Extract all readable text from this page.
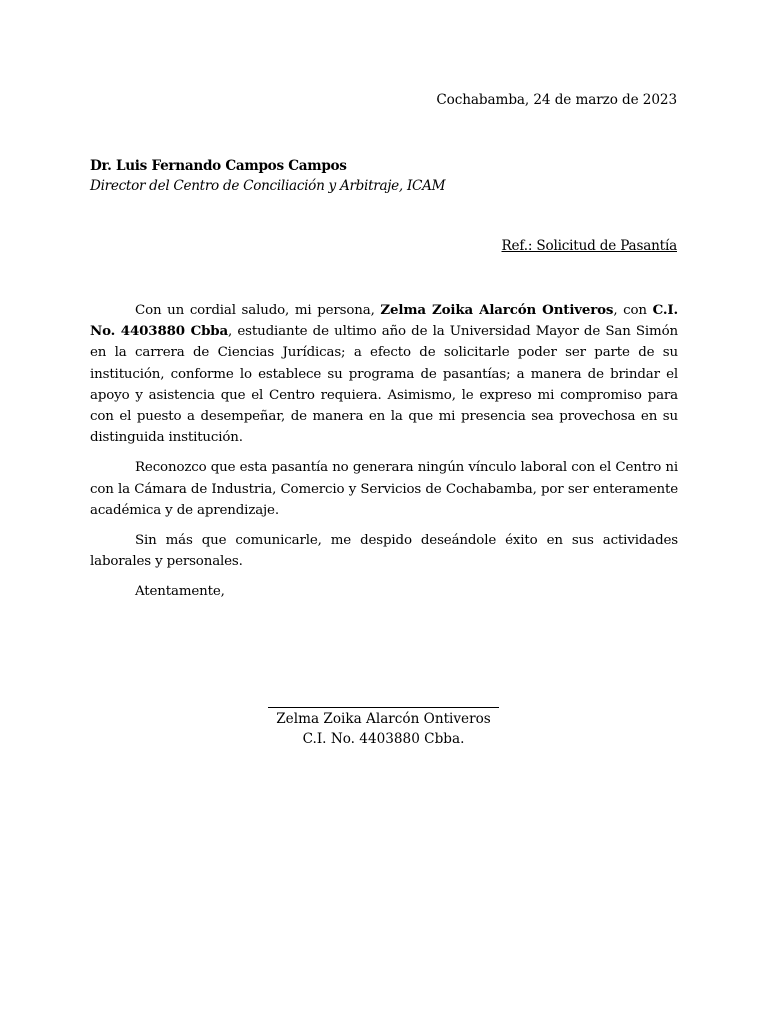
Cochabamba, 24 de marzo de 2023
Dr. Luis Fernando Campos Campos
Director del Centro de Conciliación y Arbitraje, ICAM
Ref.: Solicitud de Pasantía

Con un cordial saludo, mi persona, Zelma Zoika Alarcón Ontiveros, con C.I. No. 4403880 Cbba, estudiante de ultimo año de la Universidad Mayor de San Simón en la carrera de Ciencias Jurídicas; a efecto de solicitarle poder ser parte de su institución, conforme lo establece su programa de pasantías; a manera de brindar el apoyo y asistencia que el Centro requiera. Asimismo, le expreso mi compromiso para con el puesto a desempeñar, de manera en la que mi presencia sea provechosa en su distinguida institución.

Reconozco que esta pasantía no generara ningún vínculo laboral con el Centro ni con la Cámara de Industria, Comercio y Servicios de Cochabamba, por ser enteramente académica y de aprendizaje.

Sin más que comunicarle, me despido deseándole éxito en sus actividades laborales y personales.

Atentamente,

Zelma Zoika Alarcón Ontiveros
C.I. No. 4403880 Cbba.
